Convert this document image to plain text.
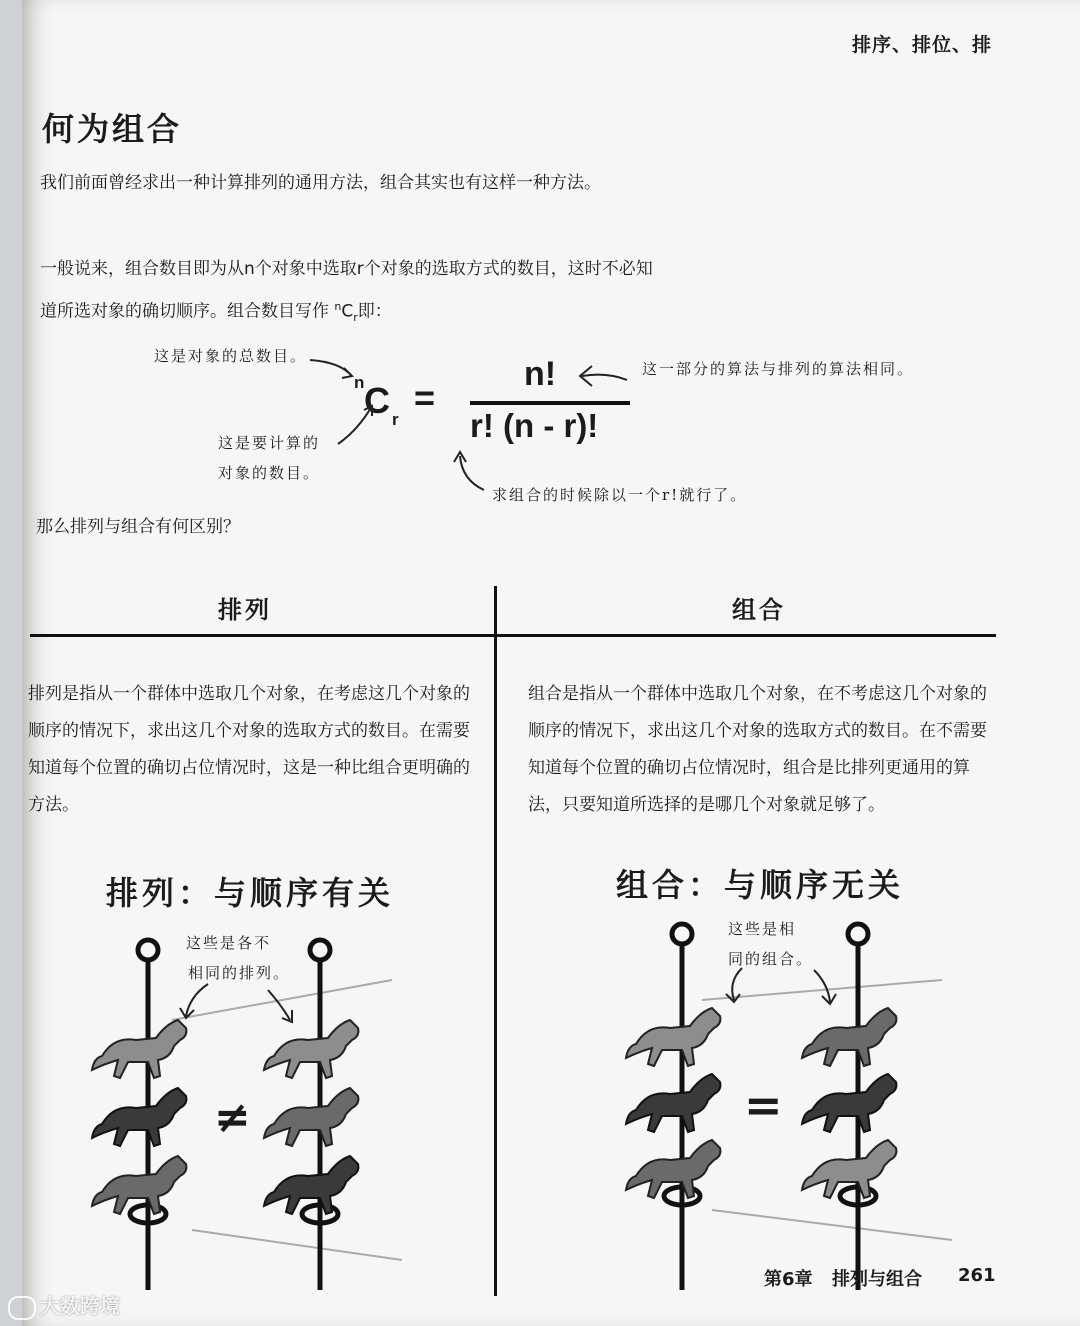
排序、排位、排
何为组合
我们前面曾经求出一种计算排列的通用方法，组合其实也有这样一种方法。
一般说来，组合数目即为从n个对象中选取r个对象的选取方式的数目，这时不必知道所选对象的确切顺序。组合数目写作 $^nC_r$即：
n C r
=
n!
r! (n - r)!
这是对象的总数目。
这是要计算的
对象的数目。
这一部分的算法与排列的算法相同。
求组合的时候除以一个r!就行了。
那么排列与组合有何区别？
排列	组合
排列是指从一个群体中选取几个对象，在考虑这几个对象的顺序的情况下，求出这几个对象的选取方式的数目。在需要知道每个位置的确切占位情况时，这是一种比组合更明确的方法。
组合是指从一个群体中选取几个对象，在不考虑这几个对象的顺序的情况下，求出这几个对象的选取方式的数目。在不需要知道每个位置的确切占位情况时，组合是比排列更通用的算法，只要知道所选择的是哪几个对象就足够了。
排列：与顺序有关
这些是各不
相同的排列。
≠
组合：与顺序无关
这些是相
同的组合。
=
第6章 排列与组合 261
大数跨境
